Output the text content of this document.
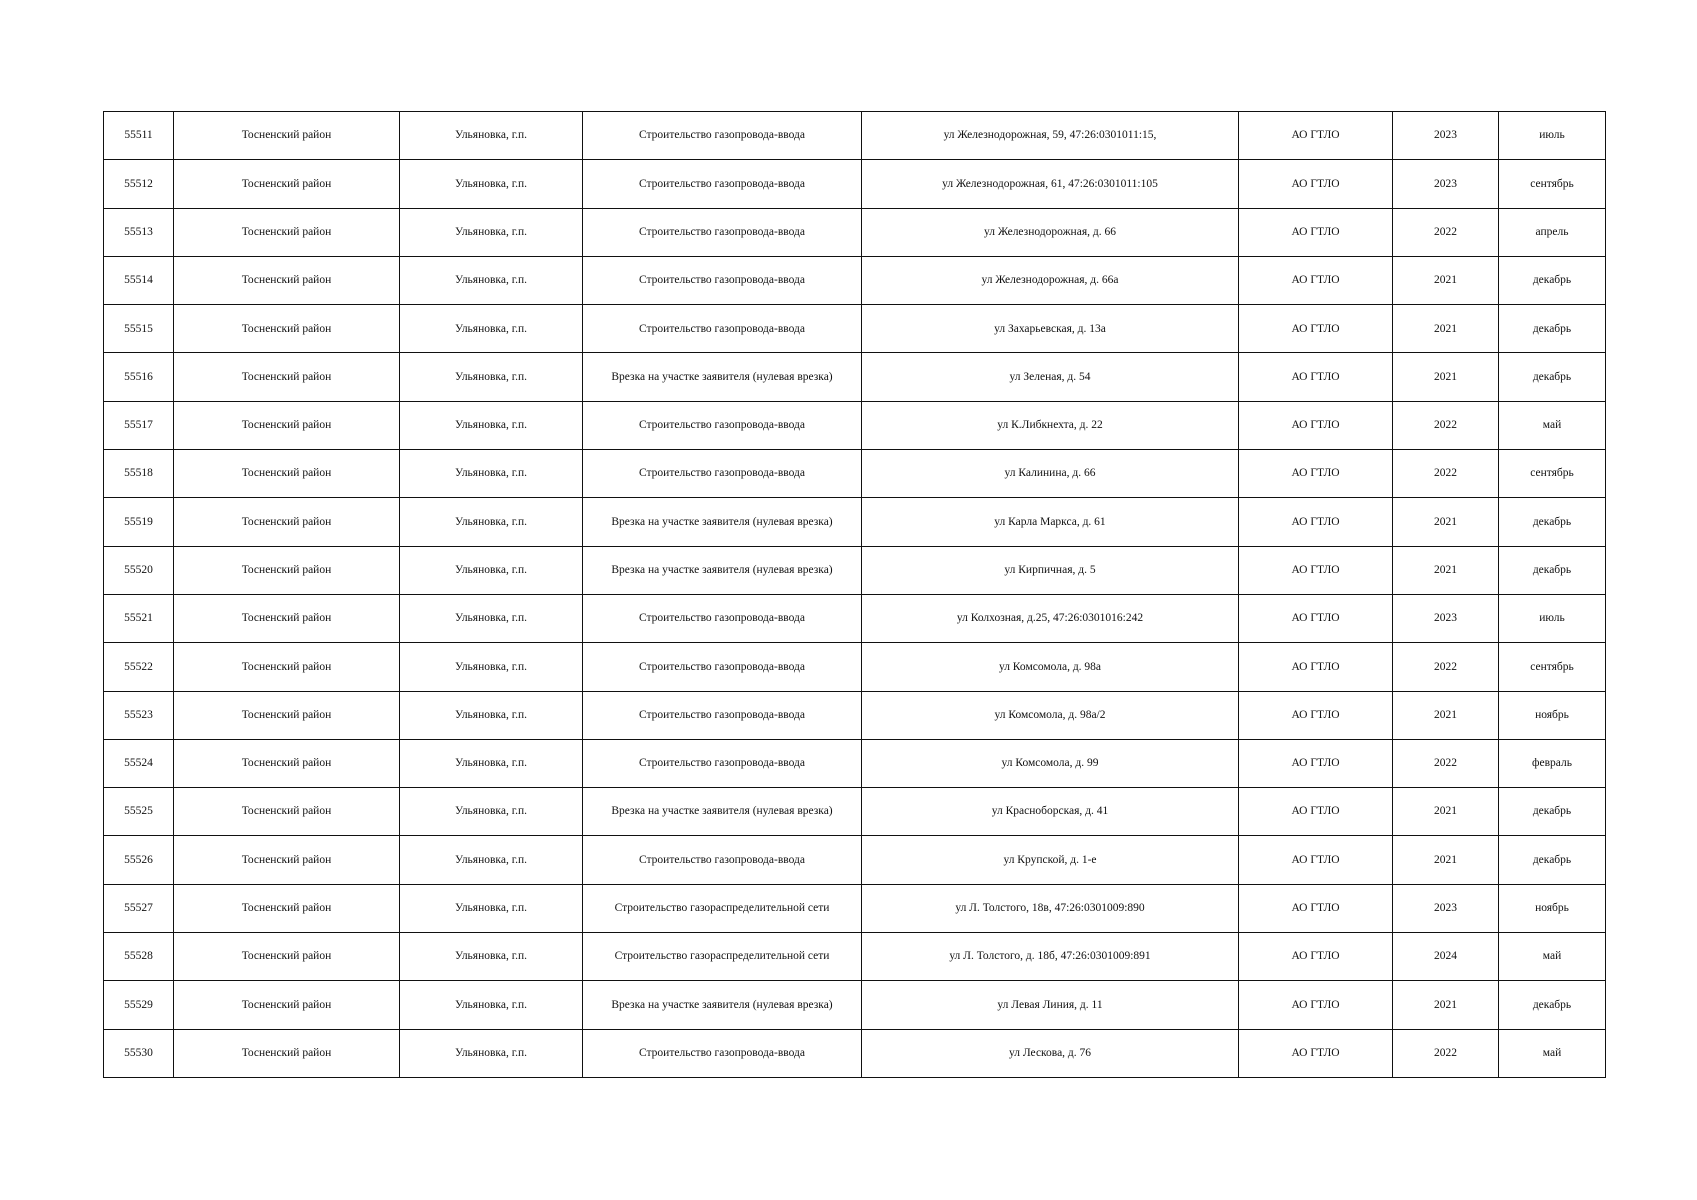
55511	Тосненский район	Ульяновка, г.п.	Строительство газопровода-ввода	ул Железнодорожная, 59, 47:26:0301011:15,	АО ГТЛО	2023	июль
55512	Тосненский район	Ульяновка, г.п.	Строительство газопровода-ввода	ул Железнодорожная, 61, 47:26:0301011:105	АО ГТЛО	2023	сентябрь
55513	Тосненский район	Ульяновка, г.п.	Строительство газопровода-ввода	ул Железнодорожная, д. 66	АО ГТЛО	2022	апрель
55514	Тосненский район	Ульяновка, г.п.	Строительство газопровода-ввода	ул Железнодорожная, д. 66а	АО ГТЛО	2021	декабрь
55515	Тосненский район	Ульяновка, г.п.	Строительство газопровода-ввода	ул Захарьевская, д. 13а	АО ГТЛО	2021	декабрь
55516	Тосненский район	Ульяновка, г.п.	Врезка на участке заявителя (нулевая врезка)	ул Зеленая, д. 54	АО ГТЛО	2021	декабрь
55517	Тосненский район	Ульяновка, г.п.	Строительство газопровода-ввода	ул К.Либкнехта, д. 22	АО ГТЛО	2022	май
55518	Тосненский район	Ульяновка, г.п.	Строительство газопровода-ввода	ул Калинина, д. 66	АО ГТЛО	2022	сентябрь
55519	Тосненский район	Ульяновка, г.п.	Врезка на участке заявителя (нулевая врезка)	ул Карла Маркса, д. 61	АО ГТЛО	2021	декабрь
55520	Тосненский район	Ульяновка, г.п.	Врезка на участке заявителя (нулевая врезка)	ул Кирпичная, д. 5	АО ГТЛО	2021	декабрь
55521	Тосненский район	Ульяновка, г.п.	Строительство газопровода-ввода	ул Колхозная, д.25, 47:26:0301016:242	АО ГТЛО	2023	июль
55522	Тосненский район	Ульяновка, г.п.	Строительство газопровода-ввода	ул Комсомола, д. 98а	АО ГТЛО	2022	сентябрь
55523	Тосненский район	Ульяновка, г.п.	Строительство газопровода-ввода	ул Комсомола, д. 98а/2	АО ГТЛО	2021	ноябрь
55524	Тосненский район	Ульяновка, г.п.	Строительство газопровода-ввода	ул Комсомола, д. 99	АО ГТЛО	2022	февраль
55525	Тосненский район	Ульяновка, г.п.	Врезка на участке заявителя (нулевая врезка)	ул Красноборская, д. 41	АО ГТЛО	2021	декабрь
55526	Тосненский район	Ульяновка, г.п.	Строительство газопровода-ввода	ул Крупской, д. 1-е	АО ГТЛО	2021	декабрь
55527	Тосненский район	Ульяновка, г.п.	Строительство газораспределительной сети	ул Л. Толстого, 18в, 47:26:0301009:890	АО ГТЛО	2023	ноябрь
55528	Тосненский район	Ульяновка, г.п.	Строительство газораспределительной сети	ул Л. Толстого, д. 18б, 47:26:0301009:891	АО ГТЛО	2024	май
55529	Тосненский район	Ульяновка, г.п.	Врезка на участке заявителя (нулевая врезка)	ул Левая Линия, д. 11	АО ГТЛО	2021	декабрь
55530	Тосненский район	Ульяновка, г.п.	Строительство газопровода-ввода	ул Лескова, д. 76	АО ГТЛО	2022	май
